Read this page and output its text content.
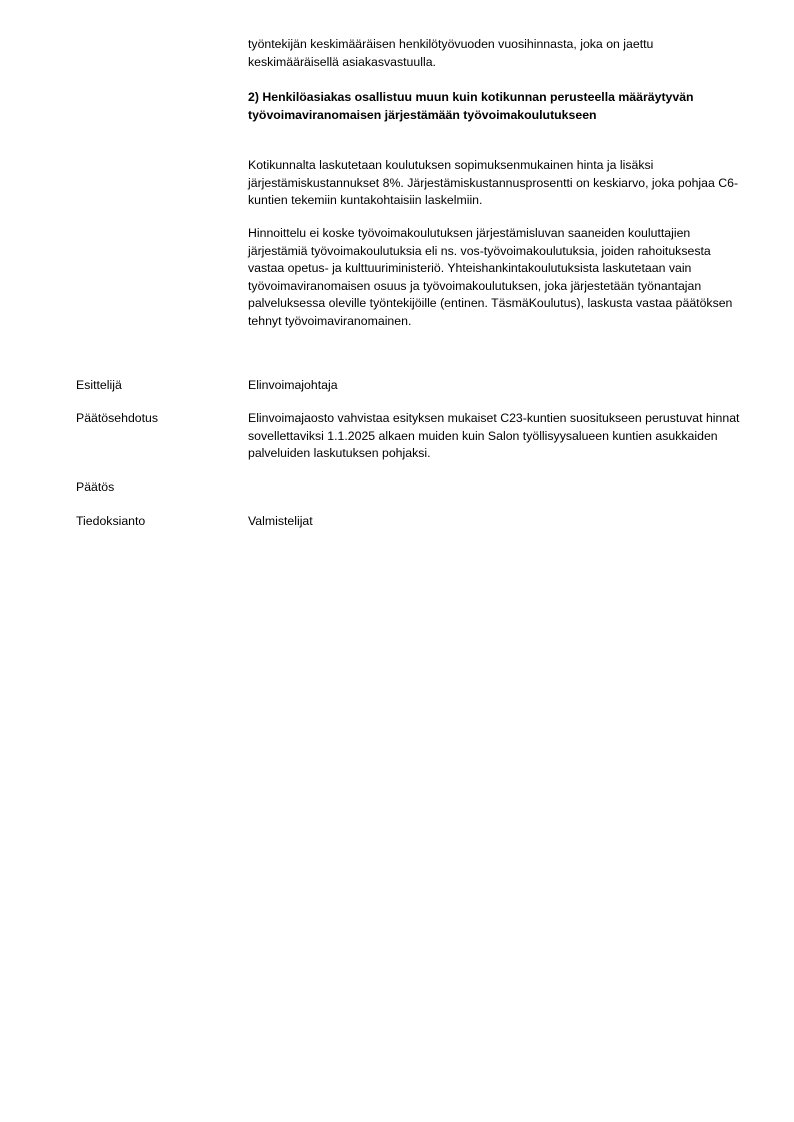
työntekijän keskimääräisen henkilötyövuoden vuosihinnasta, joka on jaettu keskimääräisellä asiakasvastuulla.

2) Henkilöasiakas osallistuu muun kuin kotikunnan perusteella määräytyvän työvoimaviranomaisen järjestämään työvoimakoulutukseen

Kotikunnalta laskutetaan koulutuksen sopimuksenmukainen hinta ja lisäksi järjestämiskustannukset 8%. Järjestämiskustannusprosentti on keskiarvo, joka pohjaa C6-kuntien tekemiin kuntakohtaisiin laskelmiin.

Hinnoittelu ei koske työvoimakoulutuksen järjestämisluvan saaneiden kouluttajien järjestämiä työvoimakoulutuksia eli ns. vos-työvoimakoulutuksia, joiden rahoituksesta vastaa opetus- ja kulttuuriministeriö. Yhteishankintakoulutuksista laskutetaan vain työvoimaviranomaisen osuus ja työvoimakoulutuksen, joka järjestetään työnantajan palveluksessa oleville työntekijöille (entinen. TäsmäKoulutus), laskusta vastaa päätöksen tehnyt työvoimaviranomainen.

Esittelijä	Elinvoimajohtaja
Päätösehdotus	Elinvoimajaosto vahvistaa esityksen mukaiset C23-kuntien suositukseen perustuvat hinnat sovellettaviksi 1.1.2025 alkaen muiden kuin Salon työllisyysalueen kuntien asukkaiden palveluiden laskutuksen pohjaksi.
Päätös
Tiedoksianto	Valmistelijat
